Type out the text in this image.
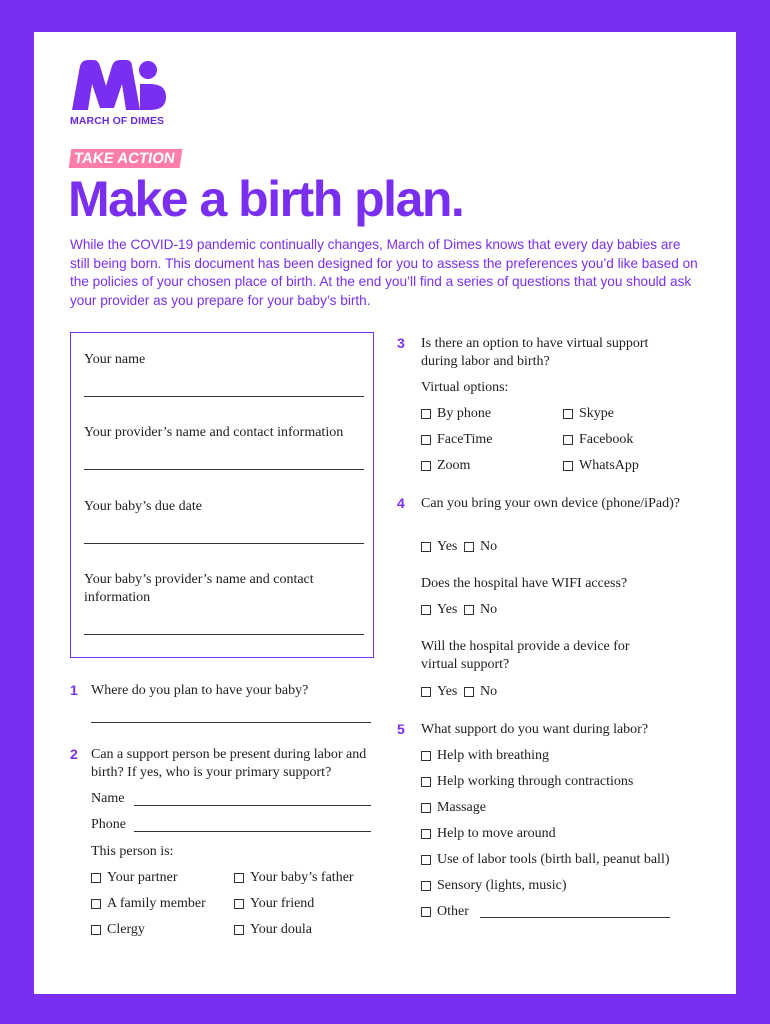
MARCH OF DIMES
TAKE ACTION
Make a birth plan.
While the COVID-19 pandemic continually changes, March of Dimes knows that every day babies are still being born. This document has been designed for you to assess the preferences you’d like based on the policies of your chosen place of birth. At the end you’ll find a series of questions that you should ask your provider as you prepare for your baby’s birth.
Your name
Your provider’s name and contact information
Your baby’s due date
Your baby’s provider’s name and contact information
1 Where do you plan to have your baby?
2 Can a support person be present during labor and birth? If yes, who is your primary support?
Name
Phone
This person is:
Your partner	Your baby’s father
A family member	Your friend
Clergy	Your doula
3 Is there an option to have virtual support during labor and birth?
Virtual options:
By phone	Skype
FaceTime	Facebook
Zoom	WhatsApp
4 Can you bring your own device (phone/iPad)?
Yes No
Does the hospital have WIFI access?
Yes No
Will the hospital provide a device for virtual support?
Yes No
5 What support do you want during labor?
Help with breathing
Help working through contractions
Massage
Help to move around
Use of labor tools (birth ball, peanut ball)
Sensory (lights, music)
Other
